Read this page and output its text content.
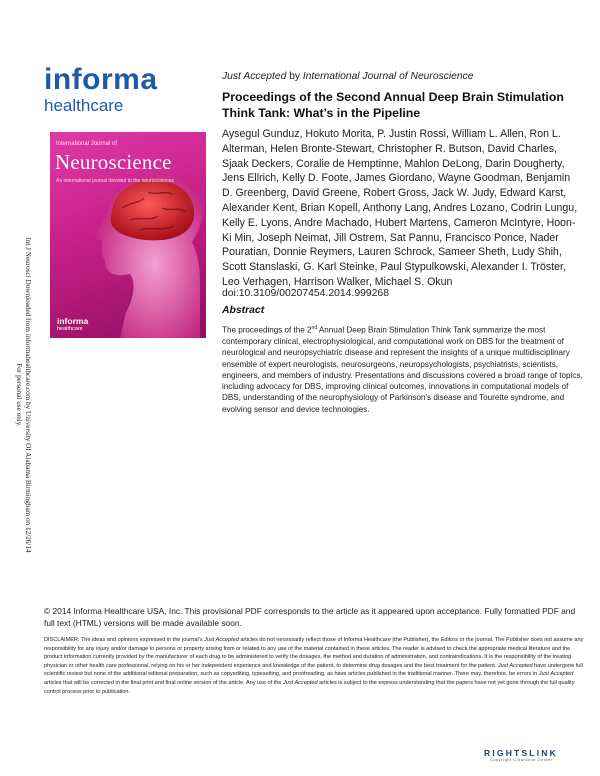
Int J Neurosci Downloaded from informahealthcare.com by University Of Alabama Birmingham on 12/26/14
For personal use only.
informa
healthcare
International Journal of
Neuroscience
An international journal devoted to the neurosciences
informa
healthcare
Just Accepted by International Journal of Neuroscience
Proceedings of the Second Annual Deep Brain Stimulation Think Tank: What’s in the Pipeline
Aysegul Gunduz, Hokuto Morita, P. Justin Rossi, William L. Allen, Ron L. Alterman, Helen Bronte-Stewart, Christopher R. Butson, David Charles, Sjaak Deckers, Coralie de Hemptinne, Mahlon DeLong, Darin Dougherty, Jens Ellrich, Kelly D. Foote, James Giordano, Wayne Goodman, Benjamin D. Greenberg, David Greene, Robert Gross, Jack W. Judy, Edward Karst, Alexander Kent, Brian Kopell, Anthony Lang, Andres Lozano, Codrin Lungu, Kelly E. Lyons, Andre Machado, Hubert Martens, Cameron McIntyre, Hoon-Ki Min, Joseph Neimat, Jill Ostrem, Sat Pannu, Francisco Ponce, Nader Pouratian, Donnie Reymers, Lauren Schrock, Sameer Sheth, Ludy Shih, Scott Stanslaski, G. Karl Steinke, Paul Stypulkowski, Alexander I. Tröster, Leo Verhagen, Harrison Walker, Michael S. Okun
doi:10.3109/00207454.2014.999268
Abstract
The proceedings of the 2nd Annual Deep Brain Stimulation Think Tank summarize the most contemporary clinical, electrophysiological, and computational work on DBS for the treatment of neurological and neuropsychiatric disease and represent the insights of a unique multidisciplinary ensemble of expert neurologists, neurosurgeons, neuropsychologists, psychiatrists, scientists, engineers, and members of industry. Presentations and discussions covered a broad range of topics, including advocacy for DBS, improving clinical outcomes, innovations in computational models of DBS, understanding of the neurophysiology of Parkinson’s disease and Tourette syndrome, and evolving sensor and device technologies.
© 2014 Informa Healthcare USA, Inc. This provisional PDF corresponds to the article as it appeared upon acceptance. Fully formatted PDF and full text (HTML) versions will be made available soon.
DISCLAIMER: The ideas and opinions expressed in the journal’s Just Accepted articles do not necessarily reflect those of Informa Healthcare (the Publisher), the Editors or the journal. The Publisher does not assume any responsibility for any injury and/or damage to persons or property arising from or related to any use of the material contained in these articles. The reader is advised to check the appropriate medical literature and the product information currently provided by the manufacturer of each drug to be administered to verify the dosages, the method and duration of administration, and contraindications. It is the responsibility of the treating physician or other health care professional, relying on his or her independent experience and knowledge of the patient, to determine drug dosages and the best treatment for the patient. Just Accepted have undergone full scientific review but none of the additional editorial preparation, such as copyediting, typesetting, and proofreading, as have articles published in the traditional manner. There may, therefore, be errors in Just Accepted articles that will be corrected in the final print and final online version of the article. Any use of the Just Accepted articles is subject to the express understanding that the papers have not yet gone through the full quality control process prior to publication.
RIGHTSLINK
Copyright Clearance Center
